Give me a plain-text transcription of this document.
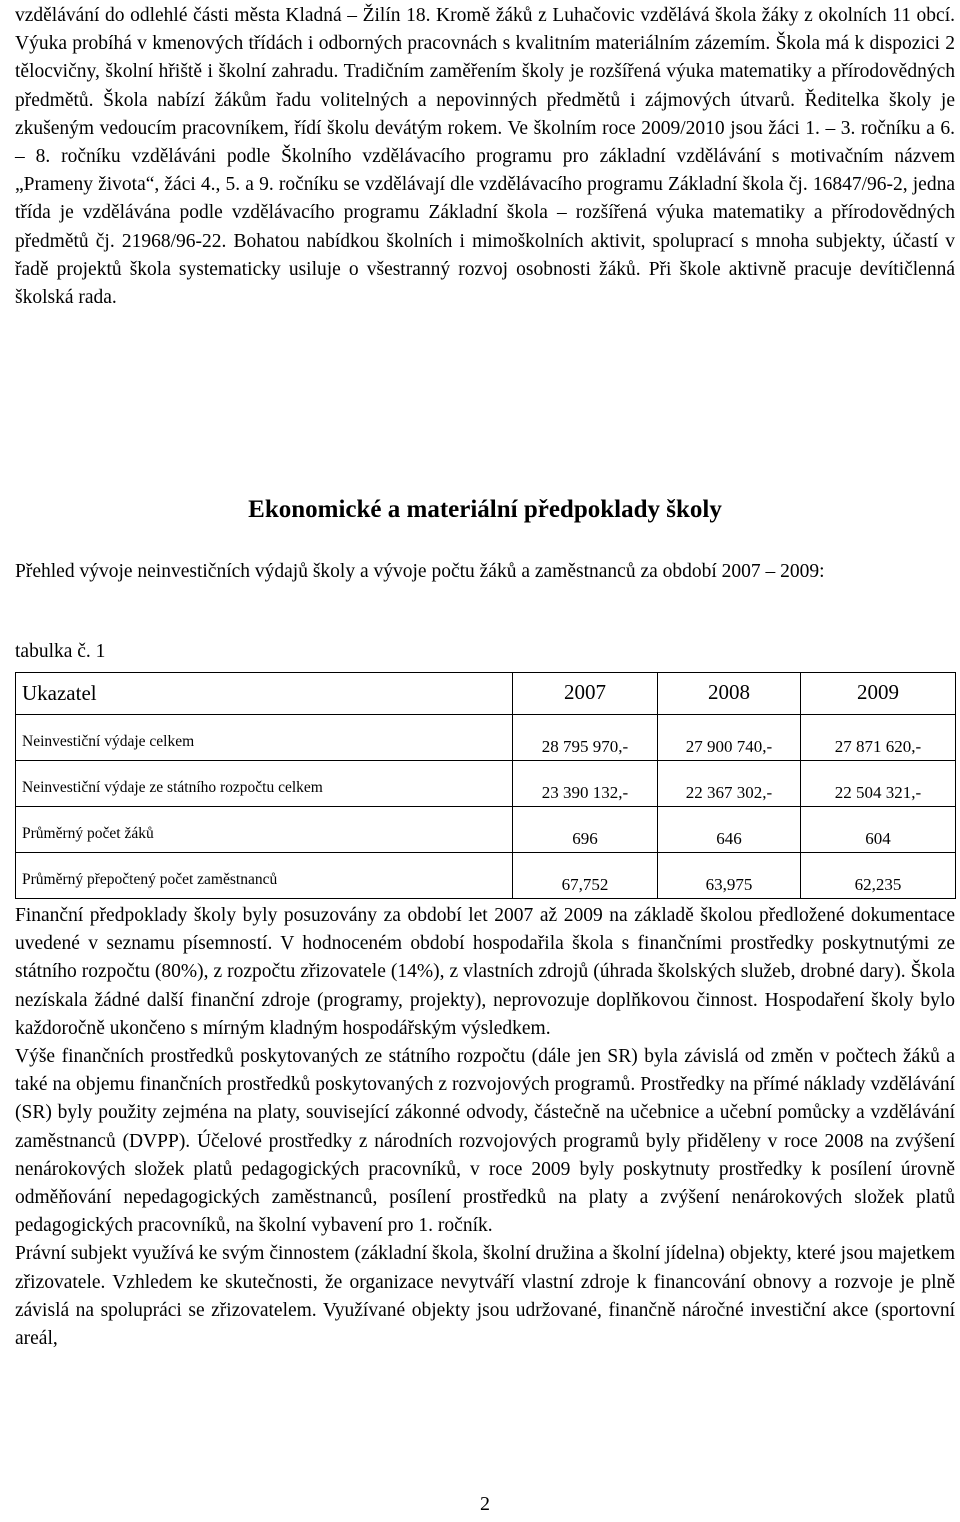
vzdělávání do odlehlé části města Kladná – Žilín 18. Kromě žáků z Luhačovic vzdělává škola žáky z okolních 11 obcí. Výuka probíhá v kmenových třídách i odborných pracovnách s kvalitním materiálním zázemím. Škola má k dispozici 2 tělocvičny, školní hřiště i školní zahradu. Tradičním zaměřením školy je rozšířená výuka matematiky a přírodovědných předmětů. Škola nabízí žákům řadu volitelných a nepovinných předmětů i zájmových útvarů. Ředitelka školy je zkušeným vedoucím pracovníkem, řídí školu devátým rokem. Ve školním roce 2009/2010 jsou žáci 1. – 3. ročníku a 6. – 8. ročníku vzděláváni podle Školního vzdělávacího programu pro základní vzdělávání s motivačním názvem „Prameny života“, žáci 4., 5. a 9. ročníku se vzdělávají dle vzdělávacího programu Základní škola čj. 16847/96-2, jedna třída je vzdělávána podle vzdělávacího programu Základní škola – rozšířená výuka matematiky a přírodovědných předmětů čj. 21968/96-22. Bohatou nabídkou školních i mimoškolních aktivit, spoluprací s mnoha subjekty, účastí v řadě projektů škola systematicky usiluje o všestranný rozvoj osobnosti žáků. Při škole aktivně pracuje devítičlenná školská rada.

Ekonomické a materiální předpoklady školy

Přehled vývoje neinvestičních výdajů školy a vývoje počtu žáků a zaměstnanců za období 2007 – 2009:

tabulka č. 1

Ukazatel	2007	2008	2009
Neinvestiční výdaje celkem	28 795 970,-	27 900 740,-	27 871 620,-
Neinvestiční výdaje ze státního rozpočtu celkem	23 390 132,-	22 367 302,-	22 504 321,-
Průměrný počet žáků	696	646	604
Průměrný přepočtený počet zaměstnanců	67,752	63,975	62,235

Finanční předpoklady školy byly posuzovány za období let 2007 až 2009 na základě školou předložené dokumentace uvedené v seznamu písemností. V hodnoceném období hospodařila škola s finančními prostředky poskytnutými ze státního rozpočtu (80%), z rozpočtu zřizovatele (14%), z vlastních zdrojů (úhrada školských služeb, drobné dary). Škola nezískala žádné další finanční zdroje (programy, projekty), neprovozuje doplňkovou činnost. Hospodaření školy bylo každoročně ukončeno s mírným kladným hospodářským výsledkem.

Výše finančních prostředků poskytovaných ze státního rozpočtu (dále jen SR) byla závislá od změn v počtech žáků a také na objemu finančních prostředků poskytovaných z rozvojových programů. Prostředky na přímé náklady vzdělávání (SR) byly použity zejména na platy, související zákonné odvody, částečně na učebnice a učební pomůcky a vzdělávání zaměstnanců (DVPP). Účelové prostředky z národních rozvojových programů byly přiděleny v roce 2008 na zvýšení nenárokových složek platů pedagogických pracovníků, v roce 2009 byly poskytnuty prostředky k posílení úrovně odměňování nepedagogických zaměstnanců, posílení prostředků na platy a zvýšení nenárokových složek platů pedagogických pracovníků, na školní vybavení pro 1. ročník.

Právní subjekt využívá ke svým činnostem (základní škola, školní družina a školní jídelna) objekty, které jsou majetkem zřizovatele. Vzhledem ke skutečnosti, že organizace nevytváří vlastní zdroje k financování obnovy a rozvoje je plně závislá na spolupráci se zřizovatelem. Využívané objekty jsou udržované, finančně náročné investiční akce (sportovní areál,

2
